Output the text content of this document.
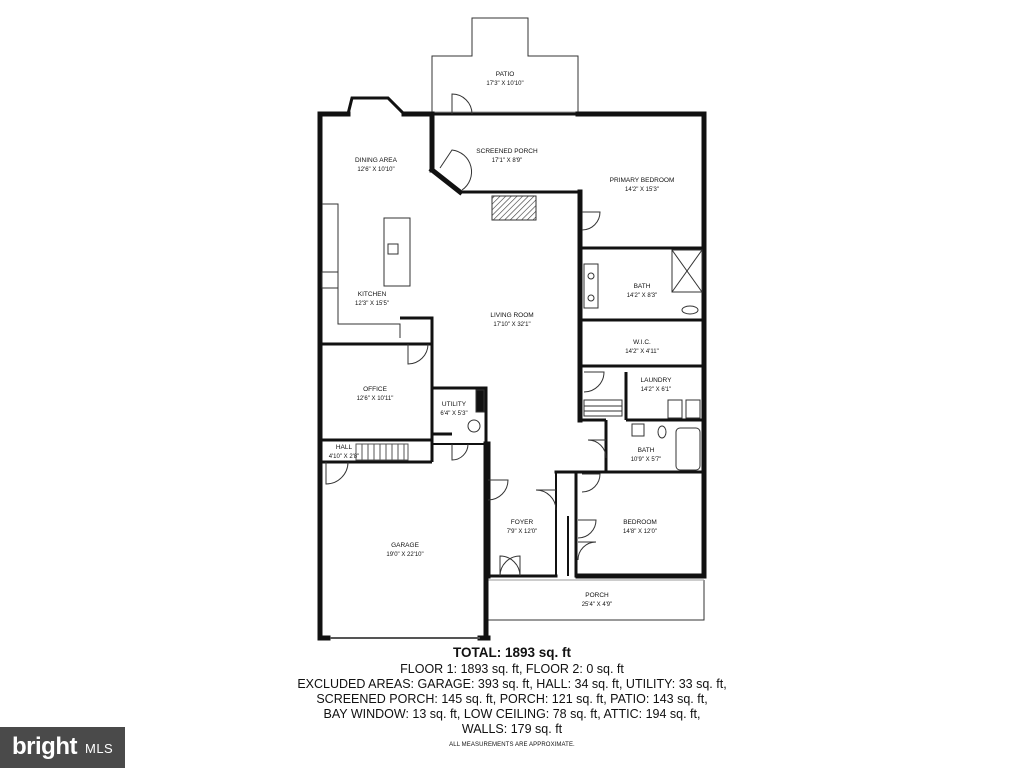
PATIO
17'3" X 10'10"
SCREENED PORCH
17'1" X 8'9"
DINING AREA
12'6" X 10'10"
PRIMARY BEDROOM
14'2" X 15'3"
BATH
14'2" X 8'3"
KITCHEN
12'3" X 15'5"
LIVING ROOM
17'10" X 32'1"
W.I.C.
14'2" X 4'11"
LAUNDRY
14'2" X 6'1"
OFFICE
12'6" X 10'11"
UTILITY
6'4" X 5'3"
BATH
10'9" X 5'7"
HALL
4'10" X 2'8"
FOYER
7'9" X 12'0"
BEDROOM
14'8" X 12'0"
GARAGE
19'0" X 22'10"
PORCH
25'4" X 4'9"
TOTAL: 1893 sq. ft
FLOOR 1: 1893 sq. ft, FLOOR 2: 0 sq. ft
EXCLUDED AREAS: GARAGE: 393 sq. ft, HALL: 34 sq. ft, UTILITY: 33 sq. ft,
SCREENED PORCH: 145 sq. ft, PORCH: 121 sq. ft, PATIO: 143 sq. ft,
BAY WINDOW: 13 sq. ft, LOW CEILING: 78 sq. ft, ATTIC: 194 sq. ft,
WALLS: 179 sq. ft
ALL MEASUREMENTS ARE APPROXIMATE.
bright MLS
